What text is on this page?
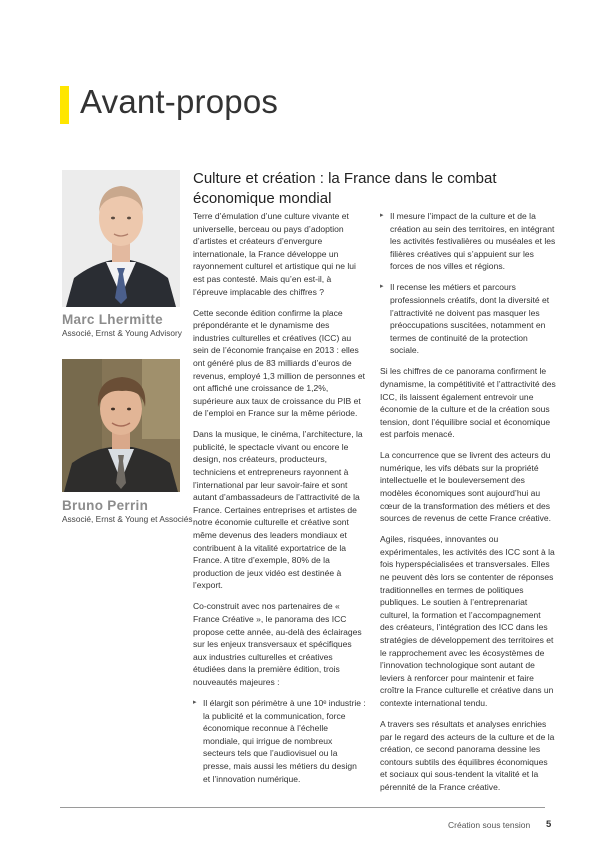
Avant-propos
Marc Lhermitte
Associé, Ernst & Young Advisory
Bruno Perrin
Associé, Ernst & Young et Associés
Culture et création : la France dans le combat économique mondial

Terre d’émulation d’une culture vivante et universelle, berceau ou pays d’adoption d’artistes et créateurs d’envergure internationale, la France développe un rayonnement culturel et artistique qui ne lui est pas contesté. Mais qu’en est-il, à l’épreuve implacable des chiffres ?

Cette seconde édition confirme la place prépondérante et le dynamisme des industries culturelles et créatives (ICC) au sein de l’économie française en 2013 : elles ont généré plus de 83 milliards d’euros de revenus, employé 1,3 million de personnes et ont affiché une croissance de 1,2%, supérieure aux taux de croissance du PIB et de l’emploi en France sur la même période.

Dans la musique, le cinéma, l’architecture, la publicité, le spectacle vivant ou encore le design, nos créateurs, producteurs, techniciens et entrepreneurs rayonnent à l’international par leur savoir-faire et sont autant d’ambassadeurs de l’attractivité de la France. Certaines entreprises et artistes de notre économie culturelle et créative sont même devenus des leaders mondiaux et contribuent à la vitalité exportatrice de la France. A titre d’exemple, 80% de la production de jeux vidéo est destinée à l’export.

Co-construit avec nos partenaires de « France Créative », le panorama des ICC propose cette année, au-delà des éclairages sur les enjeux transversaux et spécifiques aux industries culturelles et créatives étudiées dans la première édition, trois nouveautés majeures :

▸ Il élargit son périmètre à une 10ᵉ industrie : la publicité et la communication, force économique reconnue à l’échelle mondiale, qui irrigue de nombreux secteurs tels que l’audiovisuel ou la presse, mais aussi les métiers du design et l’innovation numérique.

▸ Il mesure l’impact de la culture et de la création au sein des territoires, en intégrant les activités festivalières ou muséales et les filières créatives qui s’appuient sur les forces de nos villes et régions.

▸ Il recense les métiers et parcours professionnels créatifs, dont la diversité et l’attractivité ne doivent pas masquer les préoccupations suscitées, notamment en termes de continuité de la protection sociale.

Si les chiffres de ce panorama confirment le dynamisme, la compétitivité et l’attractivité des ICC, ils laissent également entrevoir une économie de la culture et de la création sous tension, dont l’équilibre social et économique est parfois menacé.

La concurrence que se livrent des acteurs du numérique, les vifs débats sur la propriété intellectuelle et le bouleversement des modèles économiques sont aujourd’hui au cœur de la transformation des métiers et des sources de revenus de cette France créative.

Agiles, risquées, innovantes ou expérimentales, les activités des ICC sont à la fois hyperspécialisées et transversales. Elles ne peuvent dès lors se contenter de réponses traditionnelles en termes de politiques publiques. Le soutien à l’entreprenariat culturel, la formation et l’accompagnement des créateurs, l’intégration des ICC dans les stratégies de développement des territoires et le rapprochement avec les écosystèmes de l’innovation technologique sont autant de leviers à renforcer pour maintenir et faire croître la France culturelle et créative dans un contexte international tendu.

A travers ses résultats et analyses enrichies par le regard des acteurs de la culture et de la création, ce second panorama dessine les contours subtils des équilibres économiques et sociaux qui sous-tendent la vitalité et la pérennité de la France créative.

Création sous tension 5
